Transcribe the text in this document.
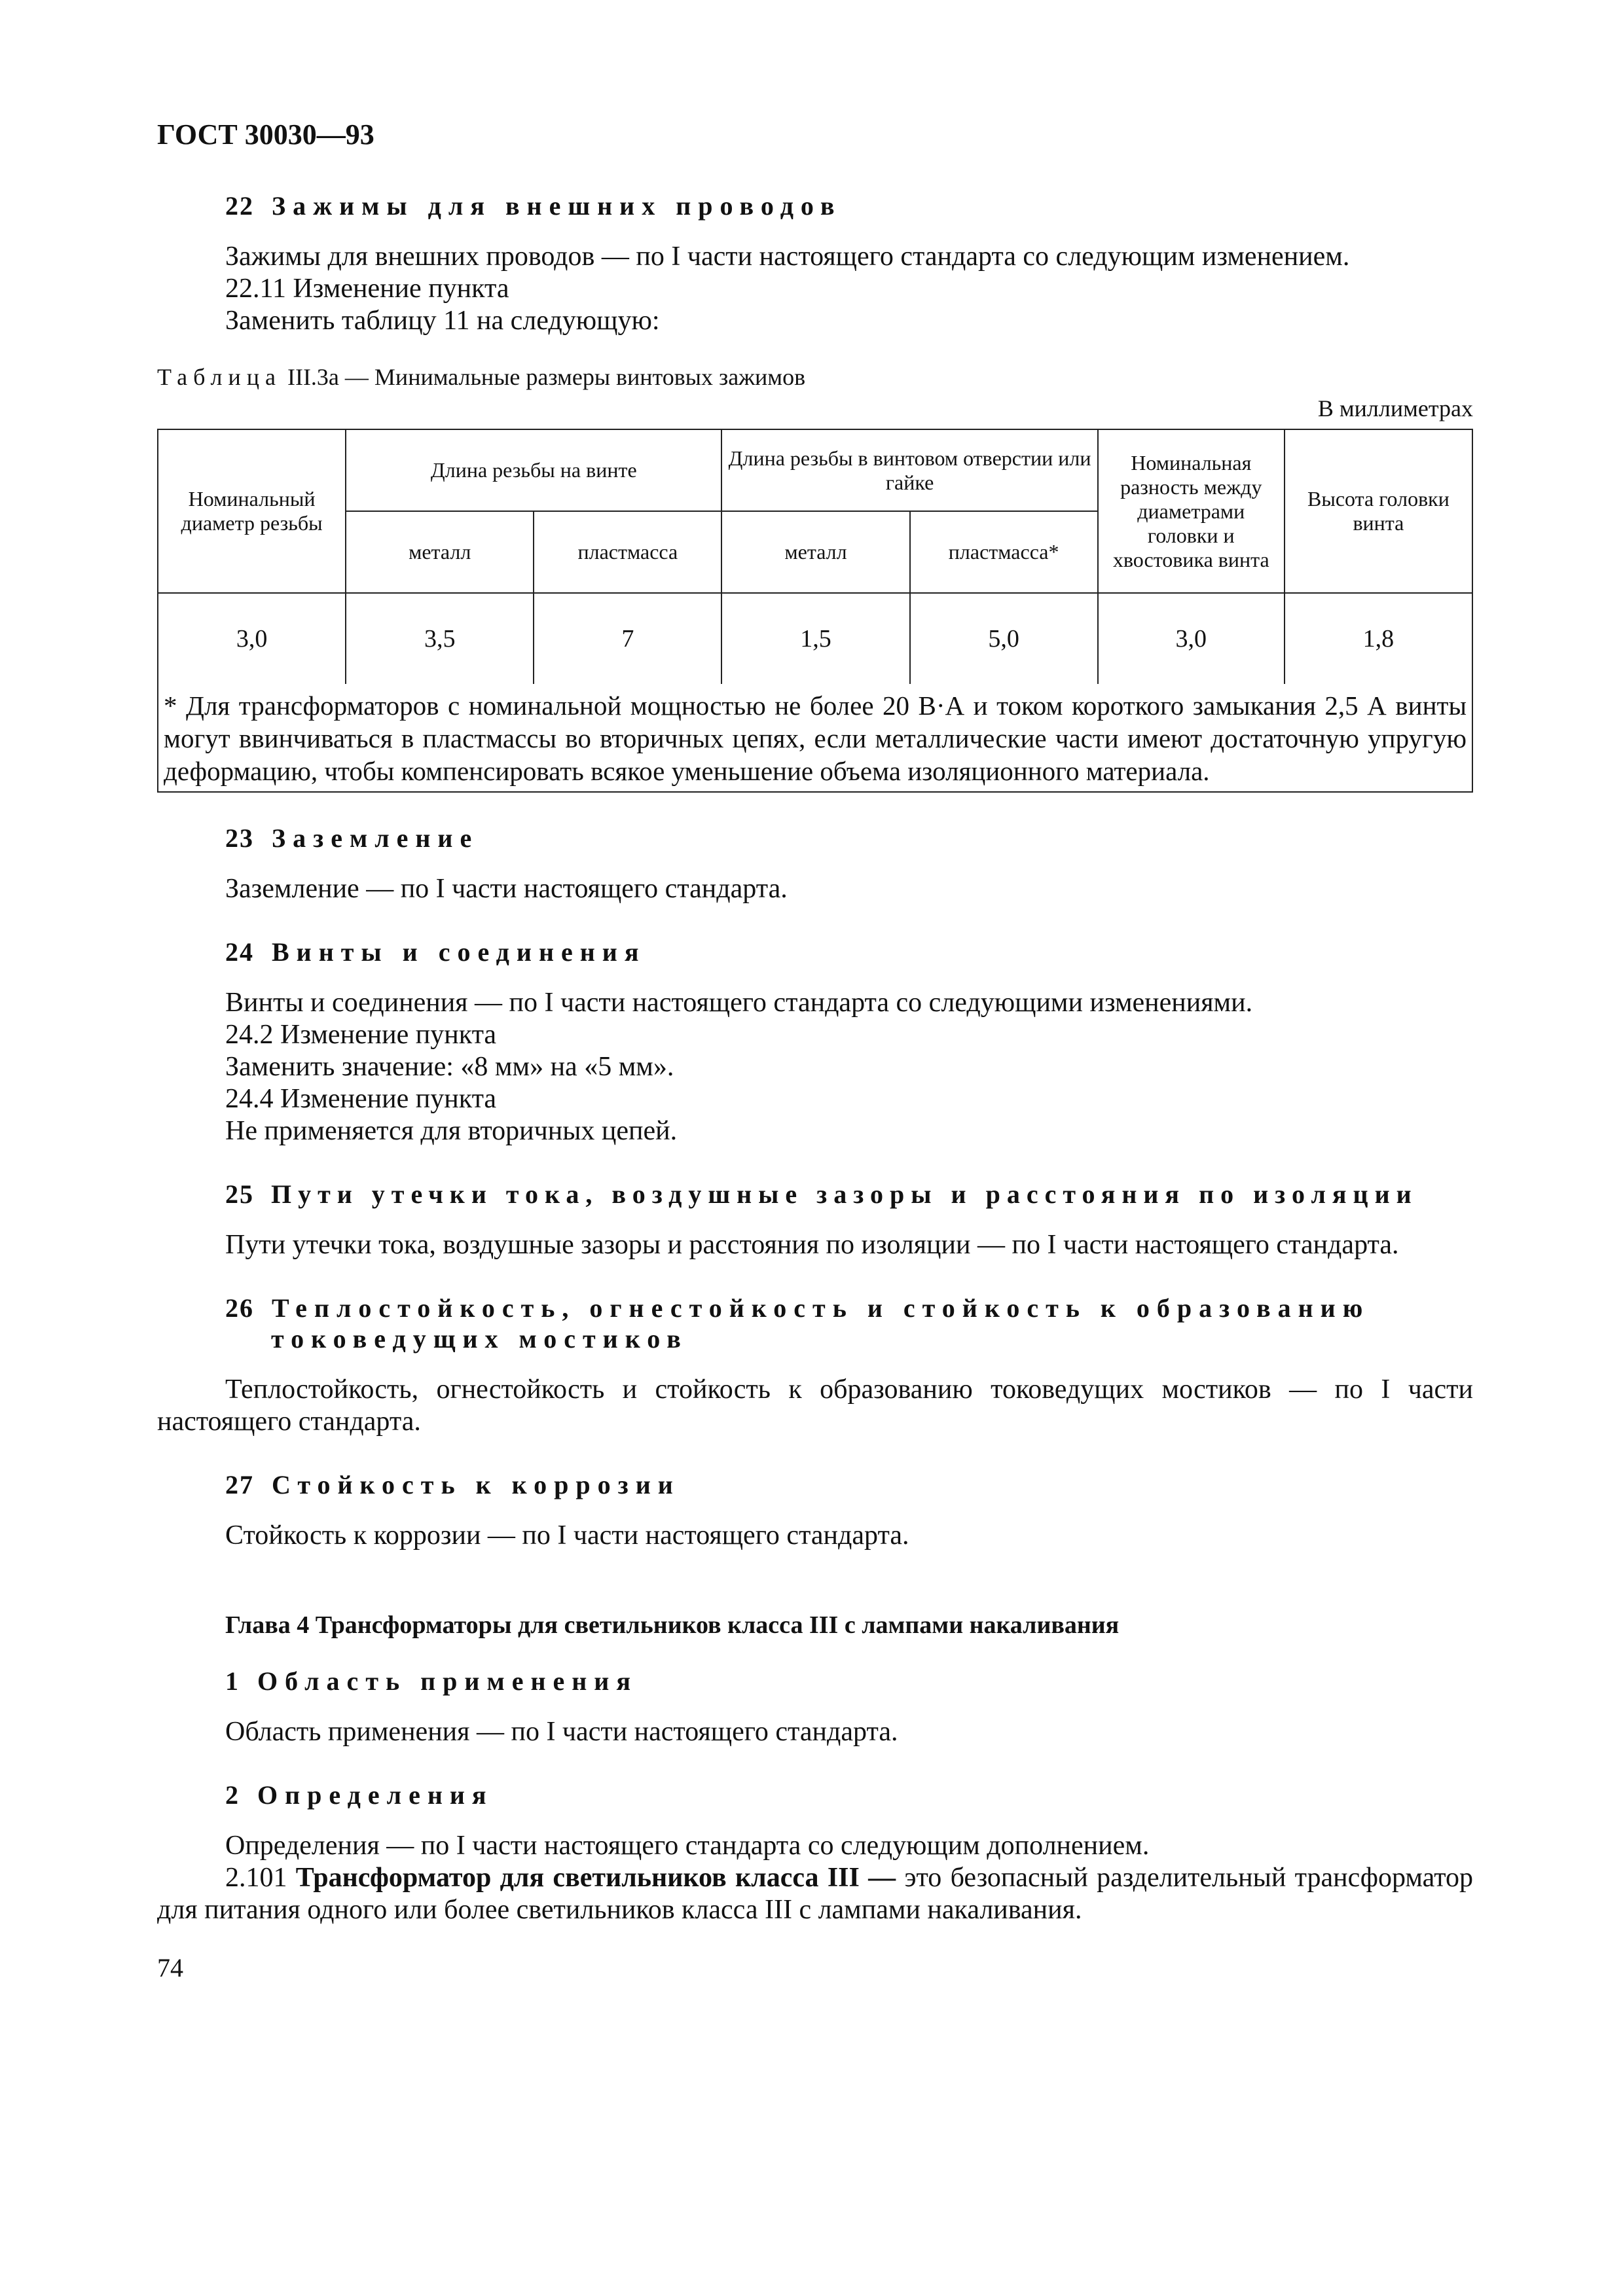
ГОСТ 30030—93
22 Зажимы для внешних проводов
Зажимы для внешних проводов — по I части настоящего стандарта со следующим изменением.
22.11 Изменение пункта
Заменить таблицу 11 на следующую:
Таблица III.3a — Минимальные размеры винтовых зажимов
В миллиметрах
Номинальный диаметр резьбы	Длина резьбы на винте		Длина резьбы в винтовом отверстии или гайке		Номинальная разность между диаметрами головки и хвостовика винта	Высота головки винта
	металл	пластмасса	металл	пластмасса*		
3,0	3,5	7	1,5	5,0	3,0	1,8
* Для трансформаторов с номинальной мощностью не более 20 В·А и током короткого замыкания 2,5 А винты могут ввинчиваться в пластмассы во вторичных цепях, если металлические части имеют достаточную упругую деформацию, чтобы компенсировать всякое уменьшение объема изоляционного материала.						
23 Заземление
Заземление — по I части настоящего стандарта.
24 Винты и соединения
Винты и соединения — по I части настоящего стандарта со следующими изменениями.
24.2 Изменение пункта
Заменить значение: «8 мм» на «5 мм».
24.4 Изменение пункта
Не применяется для вторичных цепей.
25 Пути утечки тока, воздушные зазоры и расстояния по изоляции
Пути утечки тока, воздушные зазоры и расстояния по изоляции — по I части настоящего стандарта.
26 Теплостойкость, огнестойкость и стойкость к образованию
токоведущих мостиков
Теплостойкость, огнестойкость и стойкость к образованию токоведущих мостиков — по I части настоящего стандарта.
27 Стойкость к коррозии
Стойкость к коррозии — по I части настоящего стандарта.
Глава 4 Трансформаторы для светильников класса III с лампами накаливания
1 Область применения
Область применения — по I части настоящего стандарта.
2 Определения
Определения — по I части настоящего стандарта со следующим дополнением.
2.101 Трансформатор для светильников класса III — это безопасный разделительный трансформатор для питания одного или более светильников класса III с лампами накаливания.
74
